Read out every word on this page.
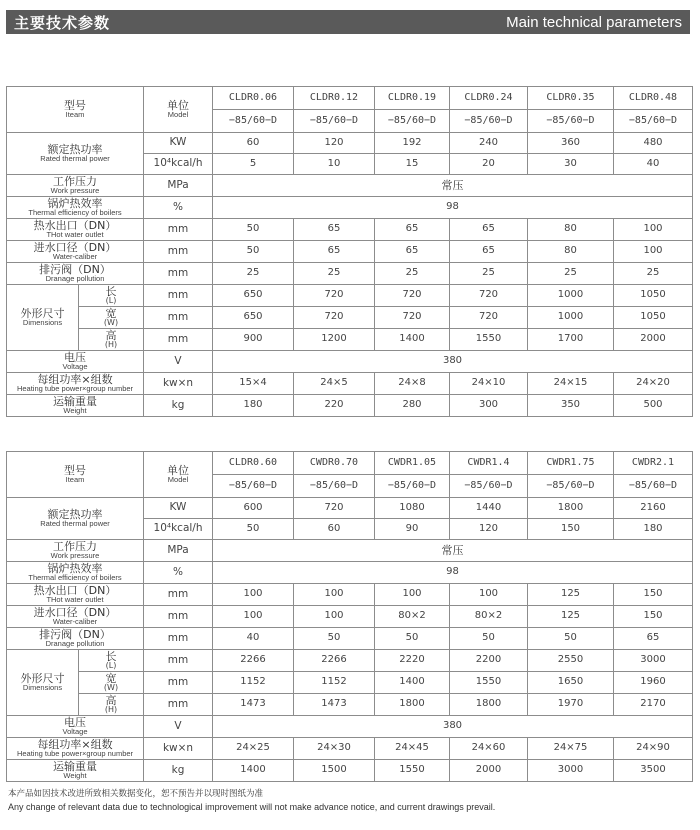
主要技术参数	Main technical parameters
型号
Iteam		单位
Model	CLDR0.06	CLDR0.12	CLDR0.19	CLDR0.24	CLDR0.35	CLDR0.48
			−85/60−D	−85/60−D	−85/60−D	−85/60−D	−85/60−D	−85/60−D

额定热功率
Rated thermal power		KW	60	120	192	240	360	480
		10⁴kcal/h	5	10	15	20	30	40

工作压力
Work pressure		MPa	常压					

锅炉热效率
Thermal efficiency of boilers		%	98					

热水出口（DN）
THot water outlet		mm	50	65	65	65	80	100

进水口径（DN）
Water-caliber		mm	50	65	65	65	80	100

排污阀（DN）
Dranage pollution		mm	25	25	25	25	25	25

外形尺寸
Dimensions	长
(L)	mm	650	720	720	720	1000	1050

	宽
(W)	mm	650	720	720	720	1000	1050

	高
(H)	mm	900	1200	1400	1550	1700	2000

电压
Voltage		V	380					

每组功率×组数
Heating tube power×group number		kw×n	15×4	24×5	24×8	24×10	24×15	24×20

运输重量
Weight		kg	180	220	280	300	350	500
型号
Iteam		单位
Model	CLDR0.60	CWDR0.70	CWDR1.05	CWDR1.4	CWDR1.75	CWDR2.1
			−85/60−D	−85/60−D	−85/60−D	−85/60−D	−85/60−D	−85/60−D

额定热功率
Rated thermal power		KW	600	720	1080	1440	1800	2160
		10⁴kcal/h	50	60	90	120	150	180

工作压力
Work pressure		MPa	常压					

锅炉热效率
Thermal efficiency of boilers		%	98					

热水出口（DN）
THot water outlet		mm	100	100	100	100	125	150

进水口径（DN）
Water-caliber		mm	100	100	80×2	80×2	125	150

排污阀（DN）
Dranage pollution		mm	40	50	50	50	50	65

外形尺寸
Dimensions	长
(L)	mm	2266	2266	2220	2200	2550	3000

	宽
(W)	mm	1152	1152	1400	1550	1650	1960

	高
(H)	mm	1473	1473	1800	1800	1970	2170

电压
Voltage		V	380					

每组功率×组数
Heating tube power×group number		kw×n	24×25	24×30	24×45	24×60	24×75	24×90

运输重量
Weight		kg	1400	1500	1550	2000	3000	3500
本产品如因技术改进所致相关数据变化，恕不预告并以现时图纸为准
Any change of relevant data due to technological improvement will not make advance notice, and current drawings prevail.
